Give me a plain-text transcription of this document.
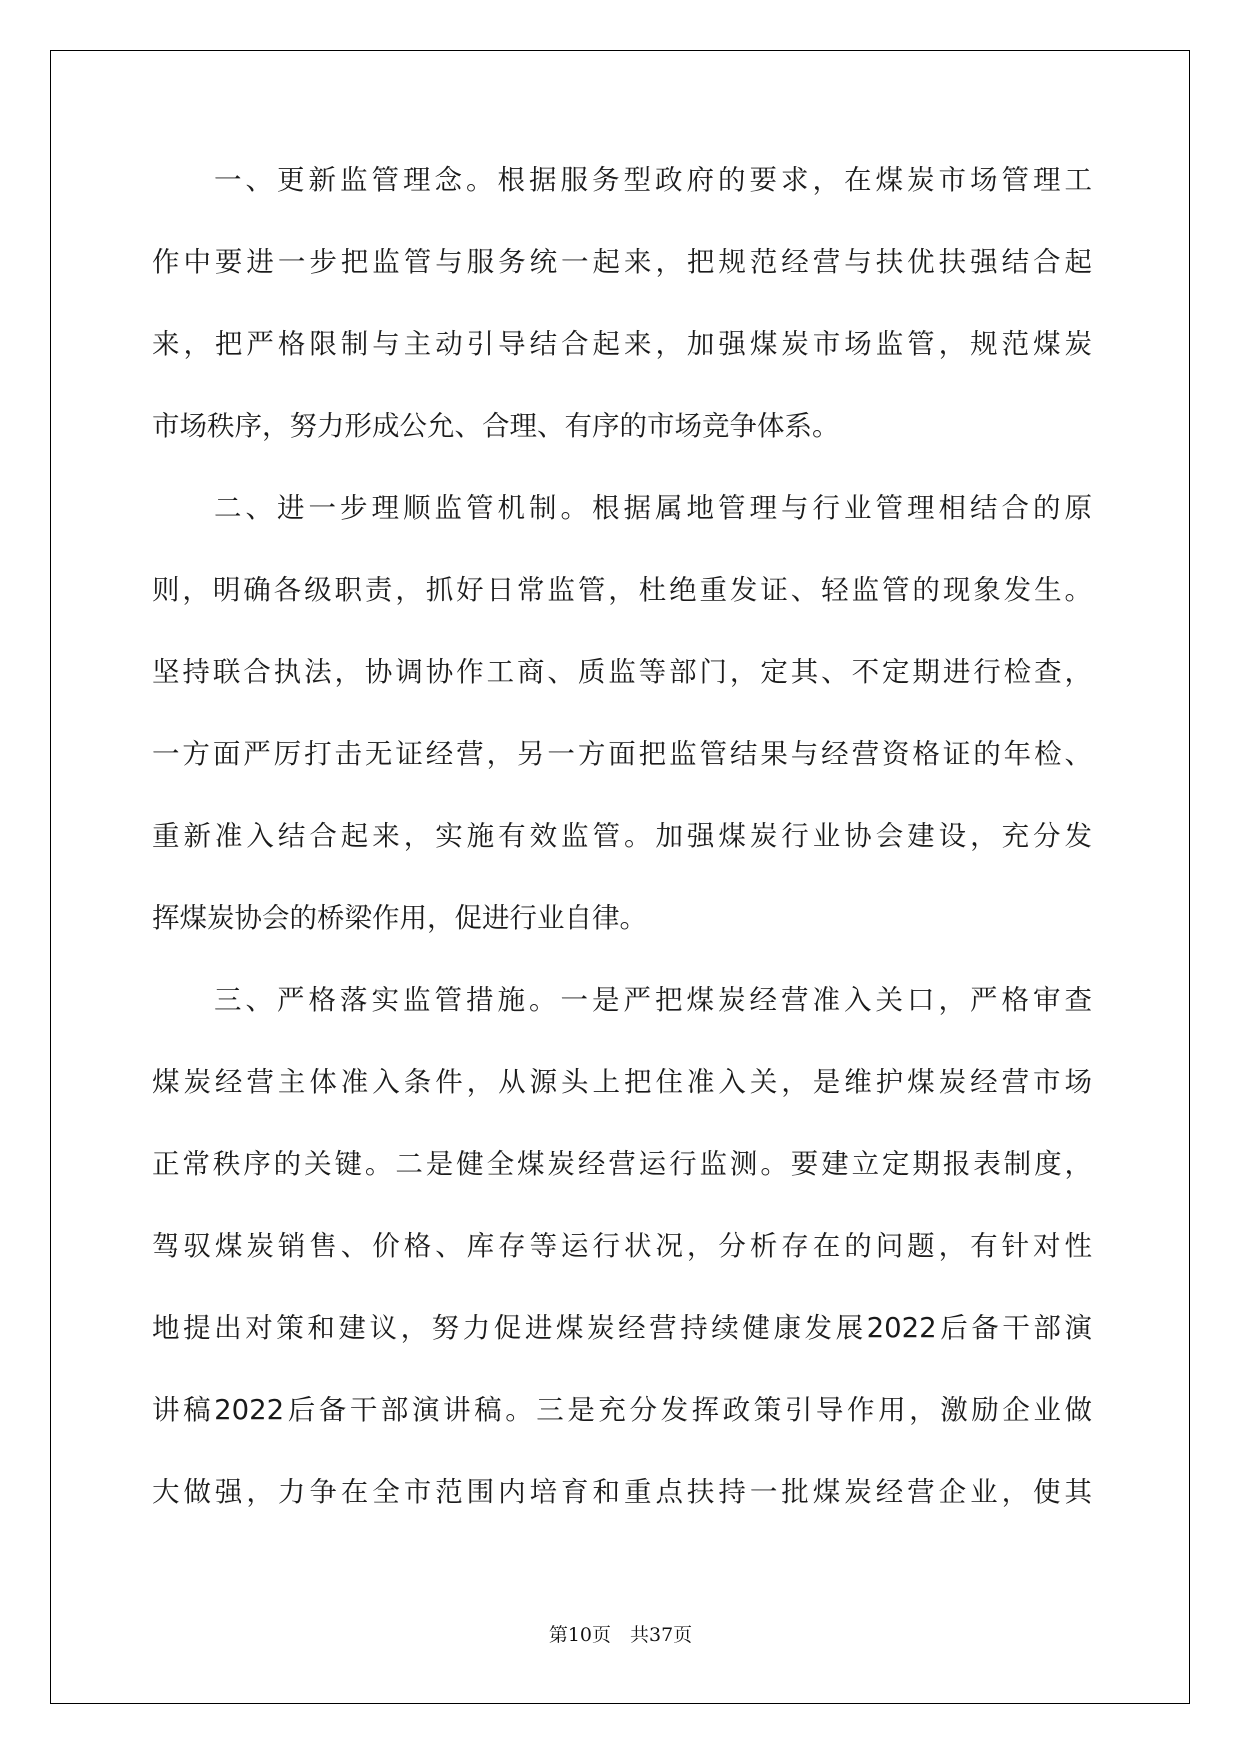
一、更新监管理念。根据服务型政府的要求，在煤炭市场管理工
作中要进一步把监管与服务统一起来，把规范经营与扶优扶强结合起
来，把严格限制与主动引导结合起来，加强煤炭市场监管，规范煤炭
市场秩序，努力形成公允、合理、有序的市场竞争体系。
二、进一步理顺监管机制。根据属地管理与行业管理相结合的原
则，明确各级职责，抓好日常监管，杜绝重发证、轻监管的现象发生。
坚持联合执法，协调协作工商、质监等部门，定其、不定期进行检查，
一方面严厉打击无证经营，另一方面把监管结果与经营资格证的年检、
重新准入结合起来，实施有效监管。加强煤炭行业协会建设，充分发
挥煤炭协会的桥梁作用，促进行业自律。
三、严格落实监管措施。一是严把煤炭经营准入关口，严格审查
煤炭经营主体准入条件，从源头上把住准入关，是维护煤炭经营市场
正常秩序的关键。二是健全煤炭经营运行监测。要建立定期报表制度，
驾驭煤炭销售、价格、库存等运行状况，分析存在的问题，有针对性
地提出对策和建议，努力促进煤炭经营持续健康发展2022后备干部演
讲稿2022后备干部演讲稿。三是充分发挥政策引导作用，激励企业做
大做强，力争在全市范围内培育和重点扶持一批煤炭经营企业，使其
第10页　共37页
